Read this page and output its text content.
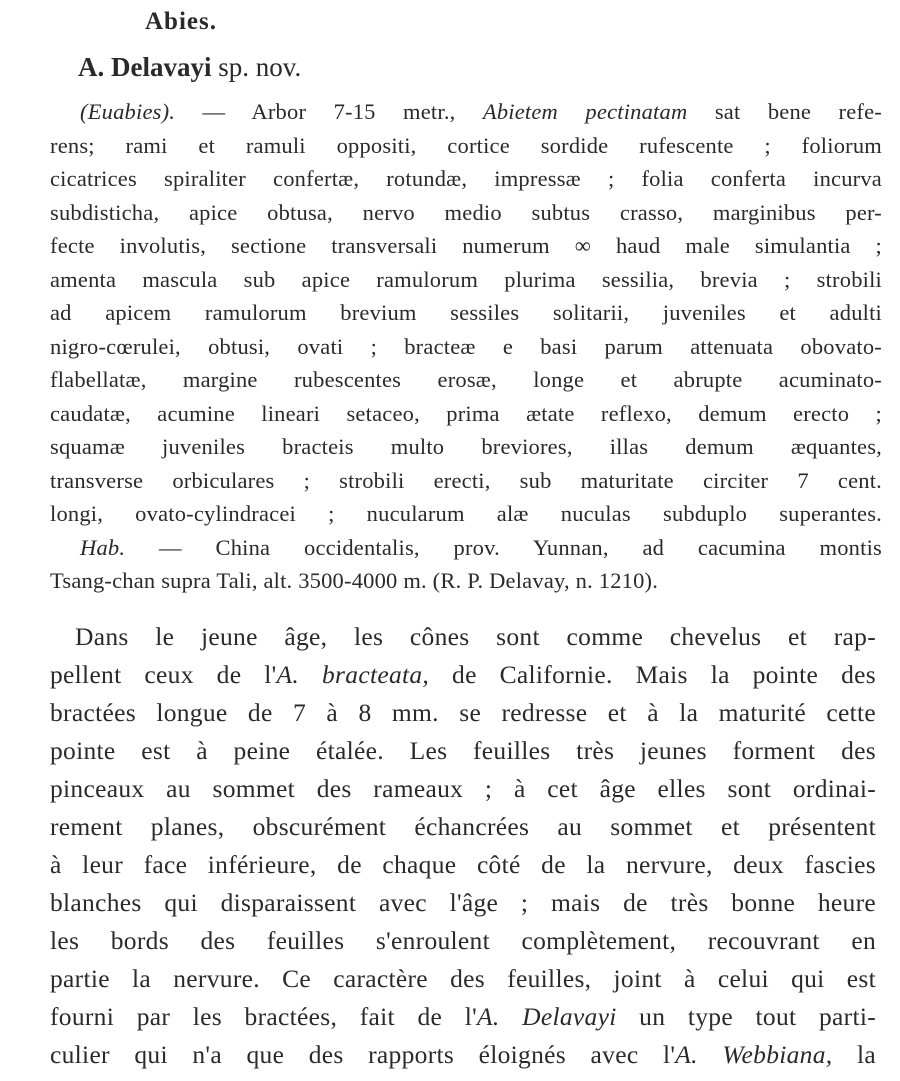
Abies.
A. Delavayi sp. nov.
(Euabies). — Arbor 7-15 metr., Abietem pectinatam sat bene refe-
rens; rami et ramuli oppositi, cortice sordide rufescente ; foliorum
cicatrices spiraliter confertæ, rotundæ, impressæ ; folia conferta incurva
subdisticha, apice obtusa, nervo medio subtus crasso, marginibus per-
fecte involutis, sectione transversali numerum ∞ haud male simulantia ;
amenta mascula sub apice ramulorum plurima sessilia, brevia ; strobili
ad apicem ramulorum brevium sessiles solitarii, juveniles et adulti
nigro-cœrulei, obtusi, ovati ; bracteæ e basi parum attenuata obovato-
flabellatæ, margine rubescentes erosæ, longe et abrupte acuminato-
caudatæ, acumine lineari setaceo, prima ætate reflexo, demum erecto ;
squamæ juveniles bracteis multo breviores, illas demum æquantes,
transverse orbiculares ; strobili erecti, sub maturitate circiter 7 cent.
longi, ovato-cylindracei ; nucularum alæ nuculas subduplo superantes.
Hab. — China occidentalis, prov. Yunnan, ad cacumina montis
Tsang-chan supra Tali, alt. 3500-4000 m. (R. P. Delavay, n. 1210).
Dans le jeune âge, les cônes sont comme chevelus et rap-
pellent ceux de l'A. bracteata, de Californie. Mais la pointe des
bractées longue de 7 à 8 mm. se redresse et à la maturité cette
pointe est à peine étalée. Les feuilles très jeunes forment des
pinceaux au sommet des rameaux ; à cet âge elles sont ordinai-
rement planes, obscurément échancrées au sommet et présentent
à leur face inférieure, de chaque côté de la nervure, deux fascies
blanches qui disparaissent avec l'âge ; mais de très bonne heure
les bords des feuilles s'enroulent complètement, recouvrant en
partie la nervure. Ce caractère des feuilles, joint à celui qui est
fourni par les bractées, fait de l'A. Delavayi un type tout parti-
culier qui n'a que des rapports éloignés avec l'A. Webbiana, la
